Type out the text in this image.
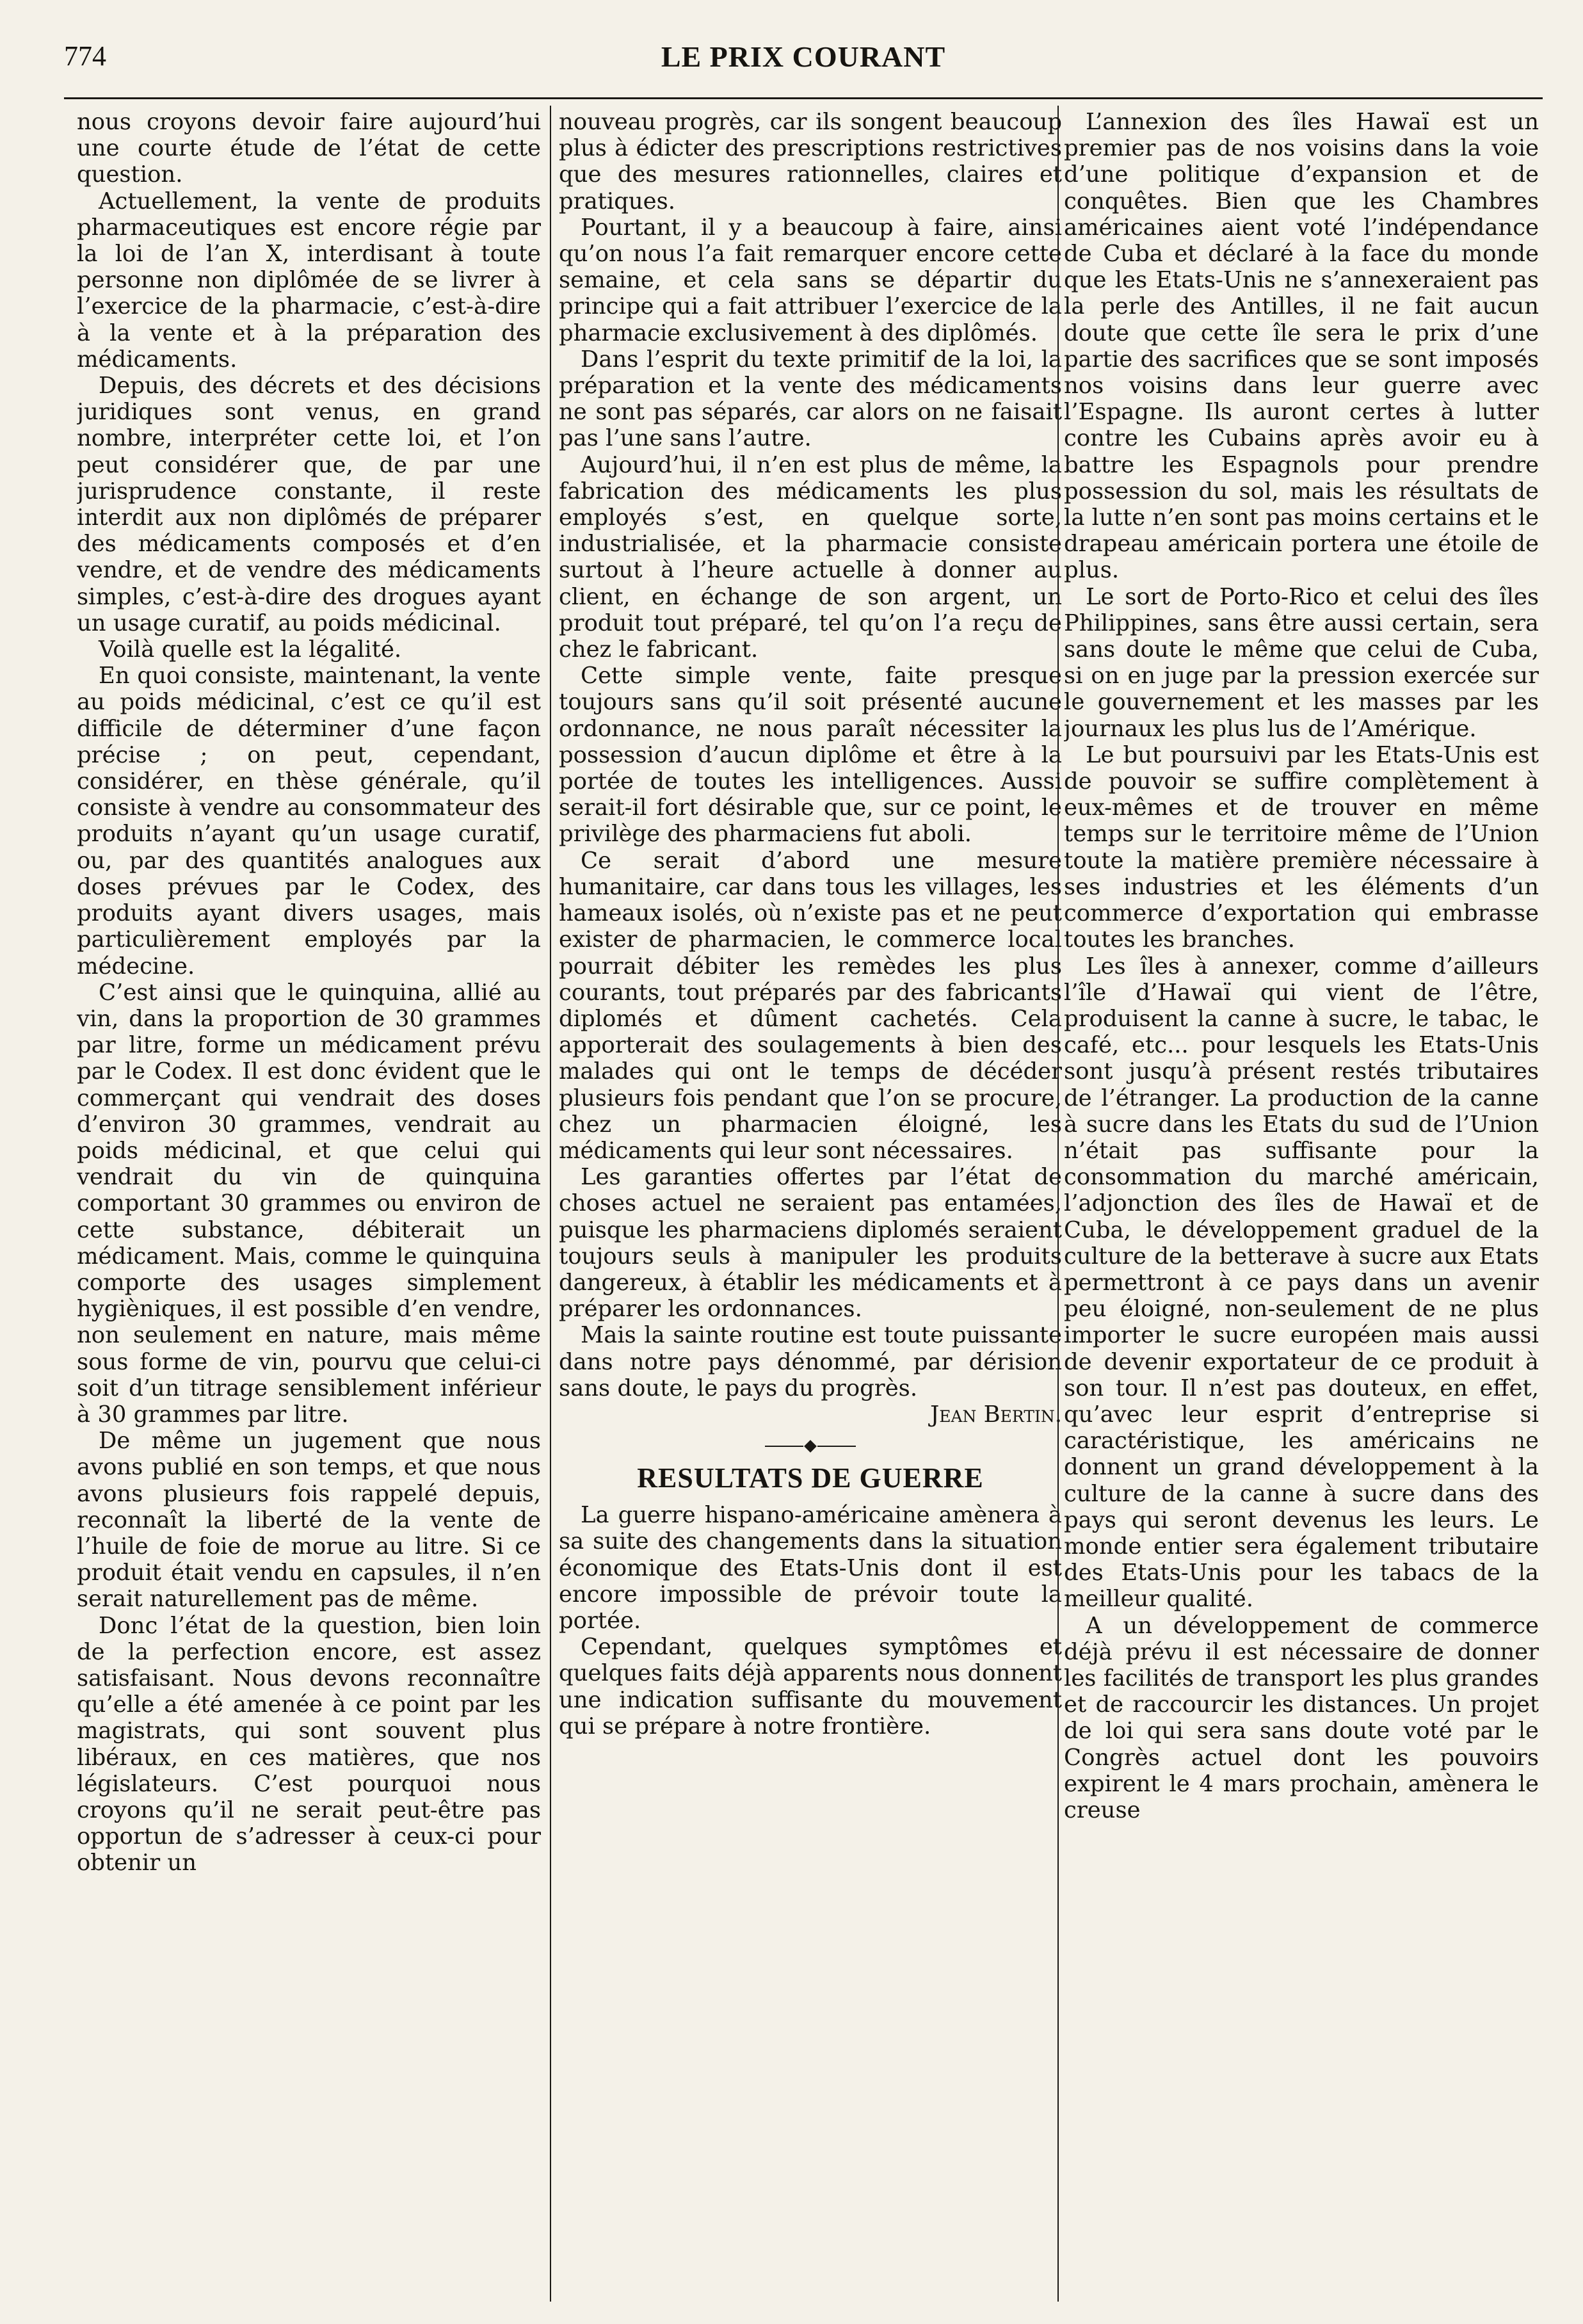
774	LE PRIX COURANT

nous croyons devoir faire aujourd’hui une courte étude de l’état de cette question.

Actuellement, la vente de produits pharmaceutiques est encore régie par la loi de l’an X, interdisant à toute personne non diplômée de se livrer à l’exercice de la pharmacie, c’est-à-dire à la vente et à la préparation des médicaments.

Depuis, des décrets et des décisions juridiques sont venus, en grand nombre, interpréter cette loi, et l’on peut considérer que, de par une jurisprudence constante, il reste interdit aux non diplômés de préparer des médicaments composés et d’en vendre, et de vendre des médicaments simples, c’est-à-dire des drogues ayant un usage curatif, au poids médicinal.

Voilà quelle est la légalité.

En quoi consiste, maintenant, la vente au poids médicinal, c’est ce qu’il est difficile de déterminer d’une façon précise ; on peut, cependant, considérer, en thèse générale, qu’il consiste à vendre au consommateur des produits n’ayant qu’un usage curatif, ou, par des quantités analogues aux doses prévues par le Codex, des produits ayant divers usages, mais particulièrement employés par la médecine.

C’est ainsi que le quinquina, allié au vin, dans la proportion de 30 grammes par litre, forme un médicament prévu par le Codex. Il est donc évident que le commerçant qui vendrait des doses d’environ 30 grammes, vendrait au poids médicinal, et que celui qui vendrait du vin de quinquina comportant 30 grammes ou environ de cette substance, débiterait un médicament. Mais, comme le quinquina comporte des usages simplement hygièniques, il est possible d’en vendre, non seulement en nature, mais même sous forme de vin, pourvu que celui-ci soit d’un titrage sensiblement inférieur à 30 grammes par litre.

De même un jugement que nous avons publié en son temps, et que nous avons plusieurs fois rappelé depuis, reconnaît la liberté de la vente de l’huile de foie de morue au litre. Si ce produit était vendu en capsules, il n’en serait naturellement pas de même.

Donc l’état de la question, bien loin de la perfection encore, est assez satisfaisant. Nous devons reconnaître qu’elle a été amenée à ce point par les magistrats, qui sont souvent plus libéraux, en ces matières, que nos législateurs. C’est pourquoi nous croyons qu’il ne serait peut-être pas opportun de s’adresser à ceux-ci pour obtenir un

nouveau progrès, car ils songent beaucoup plus à édicter des prescriptions restrictives que des mesures rationnelles, claires et pratiques.

Pourtant, il y a beaucoup à faire, ainsi qu’on nous l’a fait remarquer encore cette semaine, et cela sans se départir du principe qui a fait attribuer l’exercice de la pharmacie exclusivement à des diplômés.

Dans l’esprit du texte primitif de la loi, la préparation et la vente des médicaments ne sont pas séparés, car alors on ne faisait pas l’une sans l’autre.

Aujourd’hui, il n’en est plus de même, la fabrication des médicaments les plus employés s’est, en quelque sorte, industrialisée, et la pharmacie consiste surtout à l’heure actuelle à donner au client, en échange de son argent, un produit tout préparé, tel qu’on l’a reçu de chez le fabricant.

Cette simple vente, faite presque toujours sans qu’il soit présenté aucune ordonnance, ne nous paraît nécessiter la possession d’aucun diplôme et être à la portée de toutes les intelligences. Aussi serait-il fort désirable que, sur ce point, le privilège des pharmaciens fut aboli.

Ce serait d’abord une mesure humanitaire, car dans tous les villages, les hameaux isolés, où n’existe pas et ne peut exister de pharmacien, le commerce local pourrait débiter les remèdes les plus courants, tout préparés par des fabricants diplomés et dûment cachetés. Cela apporterait des soulagements à bien des malades qui ont le temps de décéder plusieurs fois pendant que l’on se procure, chez un pharmacien éloigné, les médicaments qui leur sont nécessaires.

Les garanties offertes par l’état de choses actuel ne seraient pas entamées, puisque les pharmaciens diplomés seraient toujours seuls à manipuler les produits dangereux, à établir les médicaments et à préparer les ordonnances.

Mais la sainte routine est toute puissante dans notre pays dénommé, par dérision sans doute, le pays du progrès.

Jean Bertin.

RESULTATS DE GUERRE

La guerre hispano-américaine amènera à sa suite des changements dans la situation économique des Etats-Unis dont il est encore impossible de prévoir toute la portée.

Cependant, quelques symptômes et quelques faits déjà apparents nous donnent une indication suffisante du mouvement qui se prépare à notre frontière.

L’annexion des îles Hawaï est un premier pas de nos voisins dans la voie d’une politique d’expansion et de conquêtes. Bien que les Chambres américaines aient voté l’indépendance de Cuba et déclaré à la face du monde que les Etats-Unis ne s’annexeraient pas la perle des Antilles, il ne fait aucun doute que cette île sera le prix d’une partie des sacrifices que se sont imposés nos voisins dans leur guerre avec l’Espagne. Ils auront certes à lutter contre les Cubains après avoir eu à battre les Espagnols pour prendre possession du sol, mais les résultats de la lutte n’en sont pas moins certains et le drapeau américain portera une étoile de plus.

Le sort de Porto-Rico et celui des îles Philippines, sans être aussi certain, sera sans doute le même que celui de Cuba, si on en juge par la pression exercée sur le gouvernement et les masses par les journaux les plus lus de l’Amérique.

Le but poursuivi par les Etats-Unis est de pouvoir se suffire complètement à eux-mêmes et de trouver en même temps sur le territoire même de l’Union toute la matière première nécessaire à ses industries et les éléments d’un commerce d’exportation qui embrasse toutes les branches.

Les îles à annexer, comme d’ailleurs l’île d’Hawaï qui vient de l’être, produisent la canne à sucre, le tabac, le café, etc... pour lesquels les Etats-Unis sont jusqu’à présent restés tributaires de l’étranger. La production de la canne à sucre dans les Etats du sud de l’Union n’était pas suffisante pour la consommation du marché américain, l’adjonction des îles de Hawaï et de Cuba, le développement graduel de la culture de la betterave à sucre aux Etats permettront à ce pays dans un avenir peu éloigné, non-seulement de ne plus importer le sucre européen mais aussi de devenir exportateur de ce produit à son tour. Il n’est pas douteux, en effet, qu’avec leur esprit d’entreprise si caractéristique, les américains ne donnent un grand développement à la culture de la canne à sucre dans des pays qui seront devenus les leurs. Le monde entier sera également tributaire des Etats-Unis pour les tabacs de la meilleur qualité.

A un développement de commerce déjà prévu il est nécessaire de donner les facilités de transport les plus grandes et de raccourcir les distances. Un projet de loi qui sera sans doute voté par le Congrès actuel dont les pouvoirs expirent le 4 mars prochain, amènera le creuse
